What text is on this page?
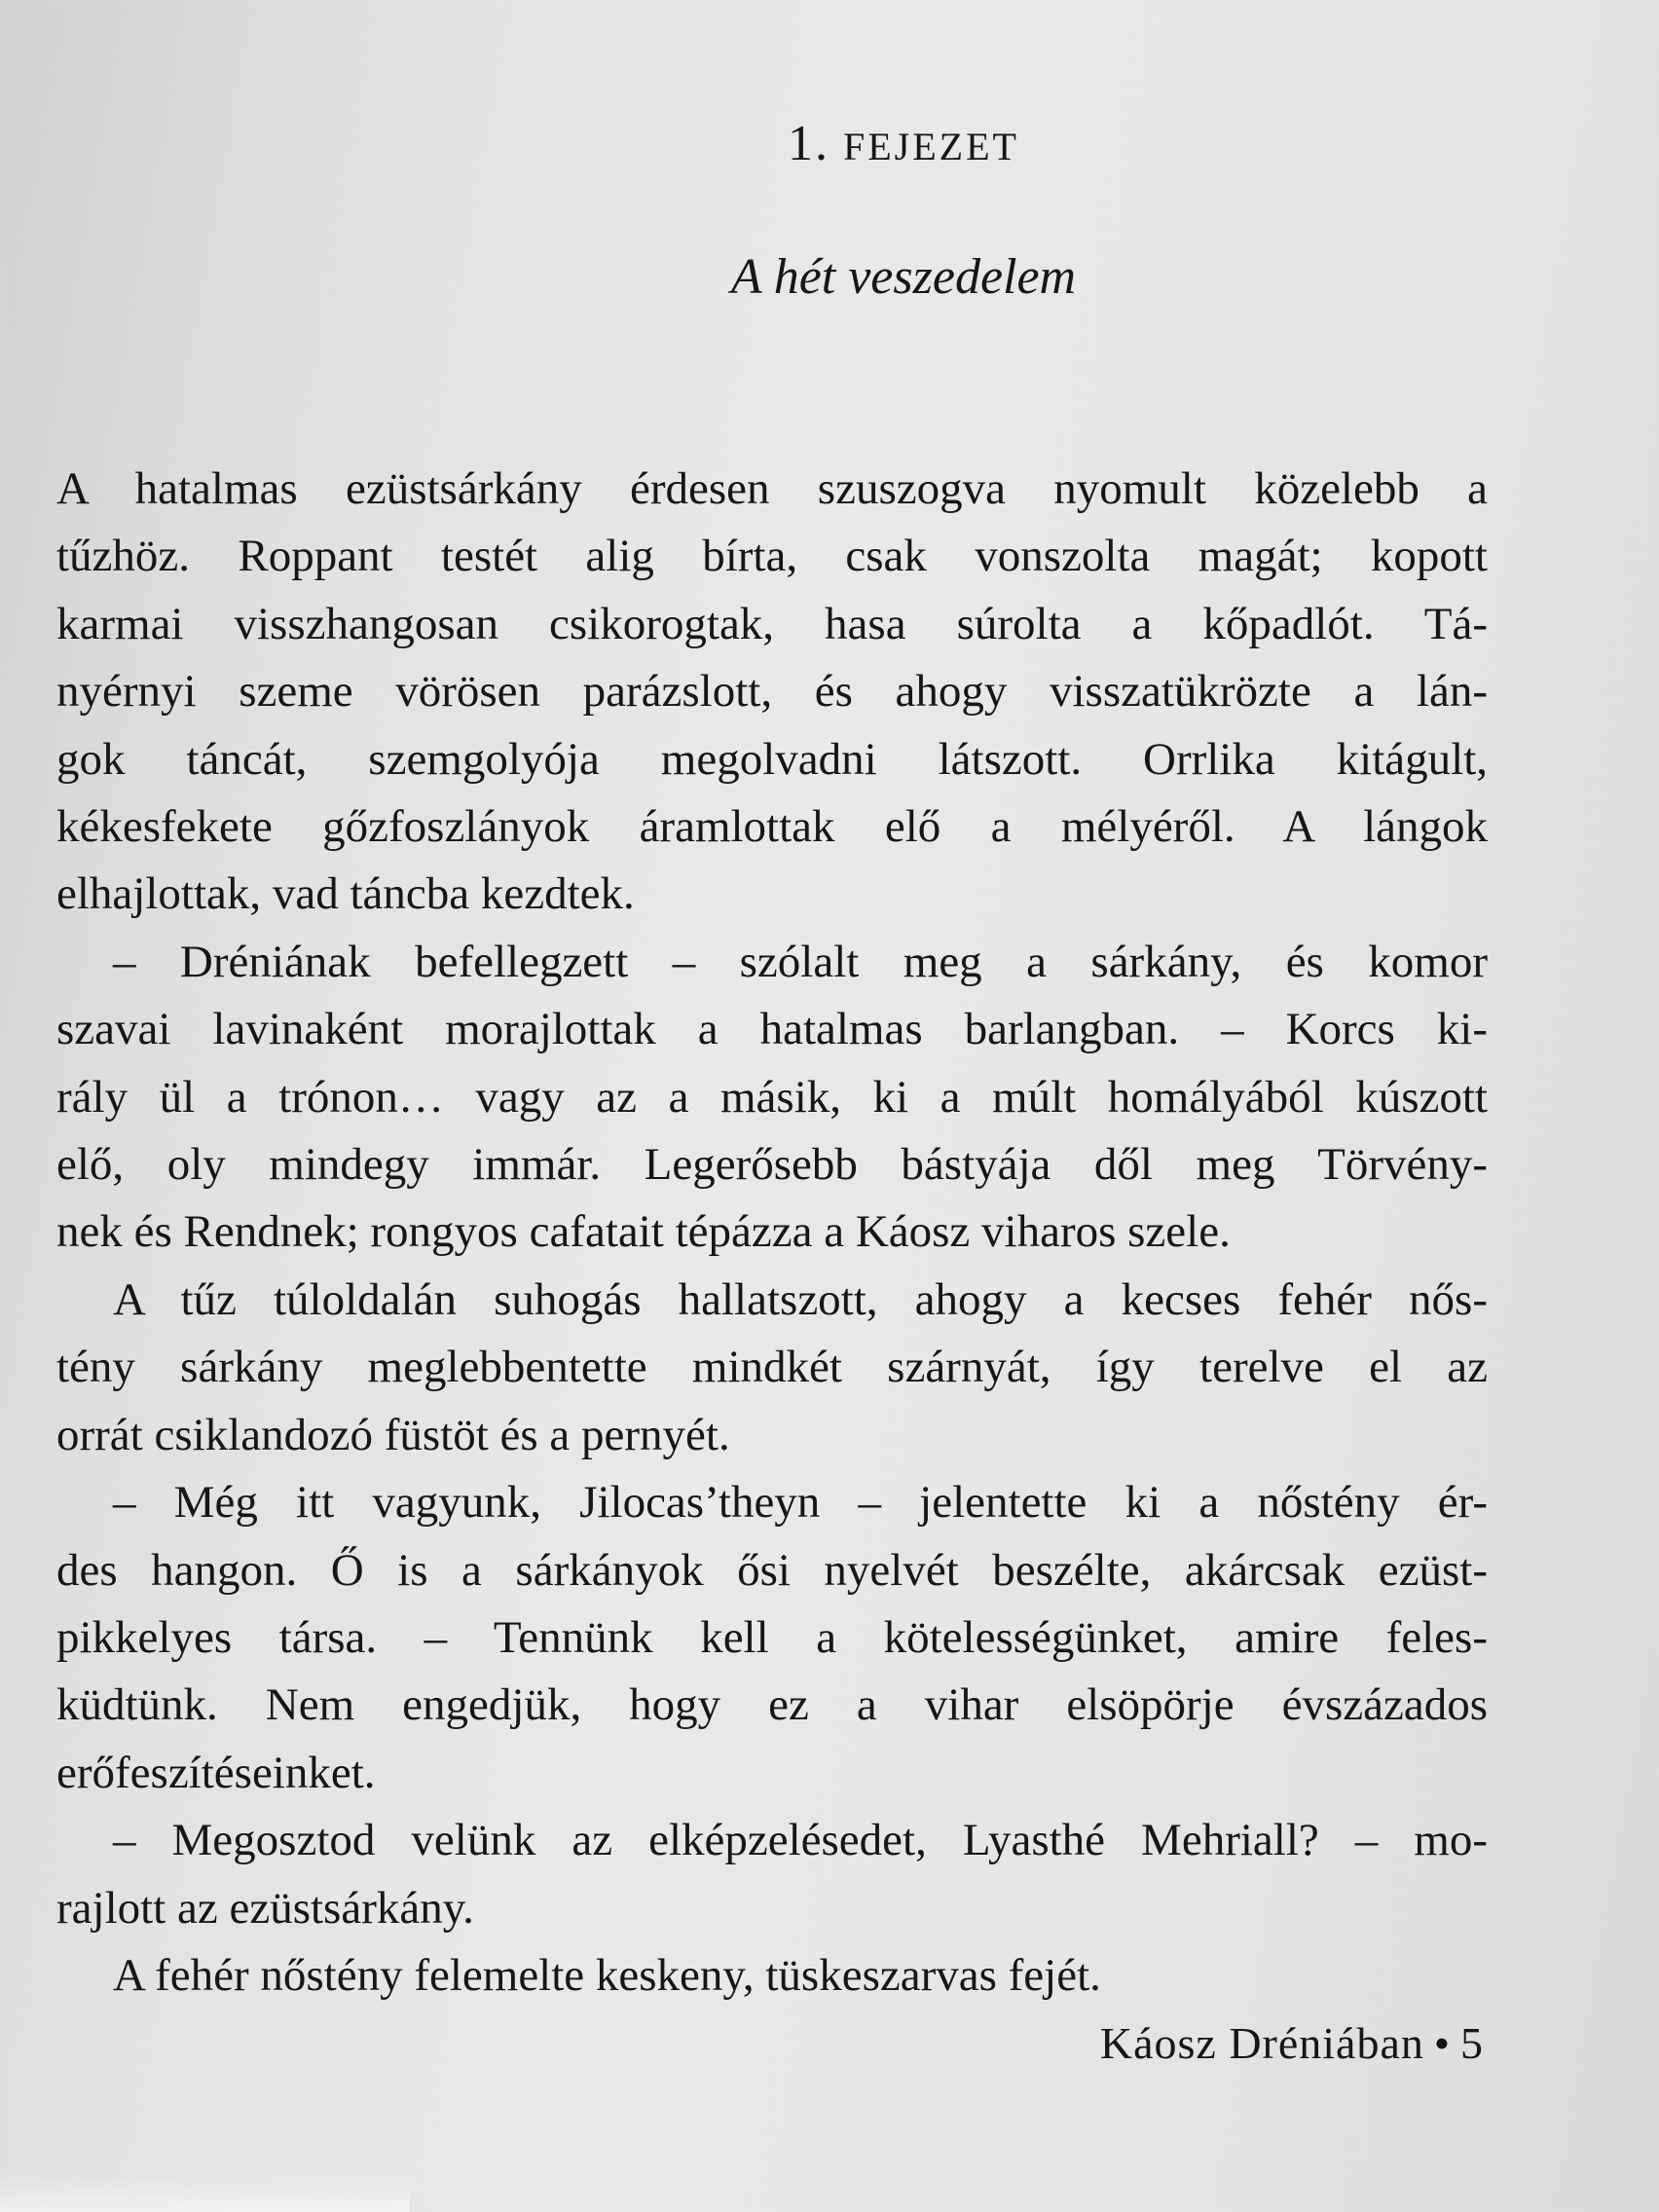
1. FEJEZET
A hét veszedelem

A hatalmas ezüstsárkány érdesen szuszogva nyomult közelebb a

tűzhöz. Roppant testét alig bírta, csak vonszolta magát; kopott

karmai visszhangosan csikorogtak, hasa súrolta a kőpadlót. Tá-

nyérnyi szeme vörösen parázslott, és ahogy visszatükrözte a lán-

gok táncát, szemgolyója megolvadni látszott. Orrlika kitágult,

kékesfekete gőzfoszlányok áramlottak elő a mélyéről. A lángok

elhajlottak, vad táncba kezdtek.

– Dréniának befellegzett – szólalt meg a sárkány, és komor

szavai lavinaként morajlottak a hatalmas barlangban. – Korcs ki-

rály ül a trónon… vagy az a másik, ki a múlt homályából kúszott

elő, oly mindegy immár. Legerősebb bástyája dől meg Törvény-

nek és Rendnek; rongyos cafatait tépázza a Káosz viharos szele.

A tűz túloldalán suhogás hallatszott, ahogy a kecses fehér nős-

tény sárkány meglebbentette mindkét szárnyát, így terelve el az

orrát csiklandozó füstöt és a pernyét.

– Még itt vagyunk, Jilocas’theyn – jelentette ki a nőstény ér-

des hangon. Ő is a sárkányok ősi nyelvét beszélte, akárcsak ezüst-

pikkelyes társa. – Tennünk kell a kötelességünket, amire feles-

küdtünk. Nem engedjük, hogy ez a vihar elsöpörje évszázados

erőfeszítéseinket.

– Megosztod velünk az elképzelésedet, Lyasthé Mehriall? – mo-

rajlott az ezüstsárkány.

A fehér nőstény felemelte keskeny, tüskeszarvas fejét.

Káosz Dréniában • 5
